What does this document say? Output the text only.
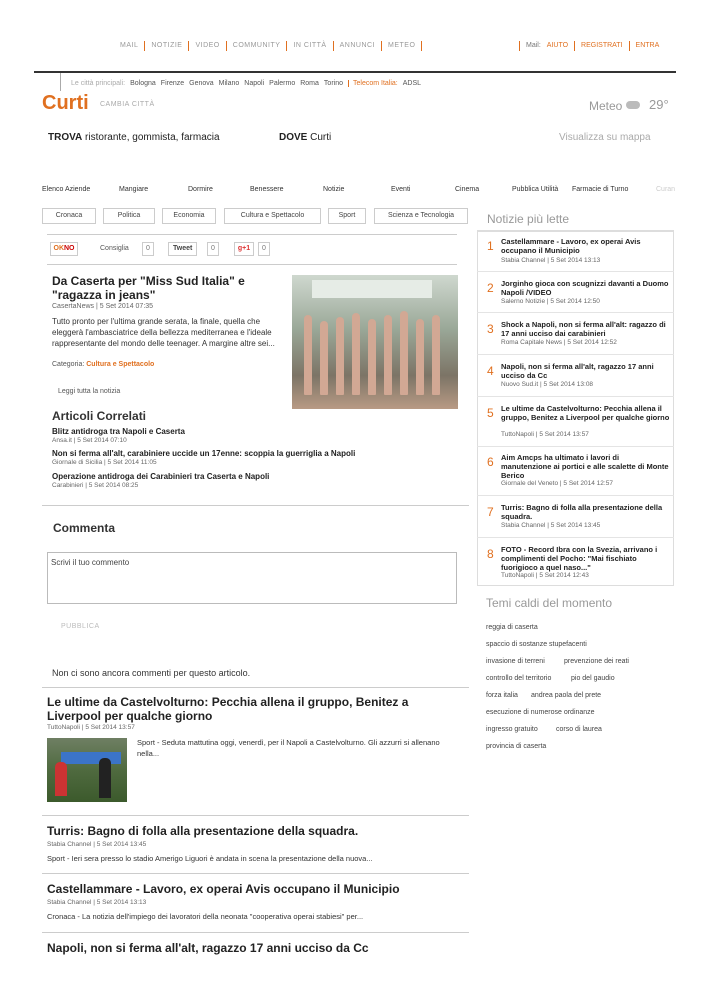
MAIL	NOTIZIE	VIDEO	COMMUNITY	IN CITTÀ	ANNUNCI	METEO	Mail: AIUTO	REGISTRATI	ENTRA
Le città principali: Bologna Firenze Genova Milano Napoli Palermo Roma Torino	Telecom Italia: ADSL
Curti CAMBIA CITTÀ	Meteo 29°
TROVA ristorante, gommista, farmacia	DOVE Curti	Visualizza su mappa
Elenco Aziende	Mangiare	Dormire	Benessere	Notizie	Eventi	Cinema	Pubblica Utilità Farmacie di Turno	Curan
Cronaca	Politica	Economia	Cultura e Spettacolo	Sport	Scienza e Tecnologia
OKNO	Consiglia	0	Tweet	0	g+1	0
Da Caserta per "Miss Sud Italia" e "ragazza in jeans"
CasertaNews | 5 Set 2014 07:35
Tutto pronto per l'ultima grande serata, la finale, quella che eleggerà l'ambasciatrice della bellezza mediterranea e l'ideale rappresentante del mondo delle teenager. A margine altre sei...
Categoria: Cultura e Spettacolo
Leggi tutta la notizia
Articoli Correlati
Blitz antidroga tra Napoli e Caserta
Ansa.it | 5 Set 2014 07:10
Non si ferma all'alt, carabiniere uccide un 17enne: scoppia la guerriglia a Napoli
Giornale di Sicilia | 5 Set 2014 11:05
Operazione antidroga dei Carabinieri tra Caserta e Napoli
Carabinieri | 5 Set 2014 08:25
Commenta
Scrivi il tuo commento
PUBBLICA
Non ci sono ancora commenti per questo articolo.
Le ultime da Castelvolturno: Pecchia allena il gruppo, Benitez a Liverpool per qualche giorno
TuttoNapoli | 5 Set 2014 13:57
Sport - Seduta mattutina oggi, venerdì, per il Napoli a Castelvolturno. Gli azzurri si allenano nella...
Turris: Bagno di folla alla presentazione della squadra.
Stabia Channel | 5 Set 2014 13:45
Sport - Ieri sera presso lo stadio Amerigo Liguori è andata in scena la presentazione della nuova...
Castellammare - Lavoro, ex operai Avis occupano il Municipio
Stabia Channel | 5 Set 2014 13:13
Cronaca - La notizia dell'impiego dei lavoratori della neonata "cooperativa operai stabiesi" per...
Napoli, non si ferma all'alt, ragazzo 17 anni ucciso da Cc
Notizie più lette
1 Castellammare - Lavoro, ex operai Avis occupano il Municipio
Stabia Channel | 5 Set 2014 13:13
2 Jorginho gioca con scugnizzi davanti a Duomo Napoli /VIDEO
Salerno Notizie | 5 Set 2014 12:50
3 Shock a Napoli, non si ferma all'alt: ragazzo di 17 anni ucciso dai carabinieri
Roma Capitale News | 5 Set 2014 12:52
4 Napoli, non si ferma all'alt, ragazzo 17 anni ucciso da Cc
Nuovo Sud.it | 5 Set 2014 13:08
5 Le ultime da Castelvolturno: Pecchia allena il gruppo, Benitez a Liverpool per qualche giorno
TuttoNapoli | 5 Set 2014 13:57
6 Aim Amcps ha ultimato i lavori di manutenzione ai portici e alle scalette di Monte Berico
Giornale del Veneto | 5 Set 2014 12:57
7 Turris: Bagno di folla alla presentazione della squadra.
Stabia Channel | 5 Set 2014 13:45
8 FOTO - Record Ibra con la Svezia, arrivano i complimenti del Pocho: "Mai fischiato fuorigioco a quel naso..."
TuttoNapoli | 5 Set 2014 12:43
Temi caldi del momento
reggia di caserta
spaccio di sostanze stupefacenti
invasione di terreni	prevenzione dei reati
controllo del territorio	pio del gaudio
forza italia andrea paola del prete
esecuzione di numerose ordinanze
ingresso gratuito	corso di laurea
provincia di caserta
